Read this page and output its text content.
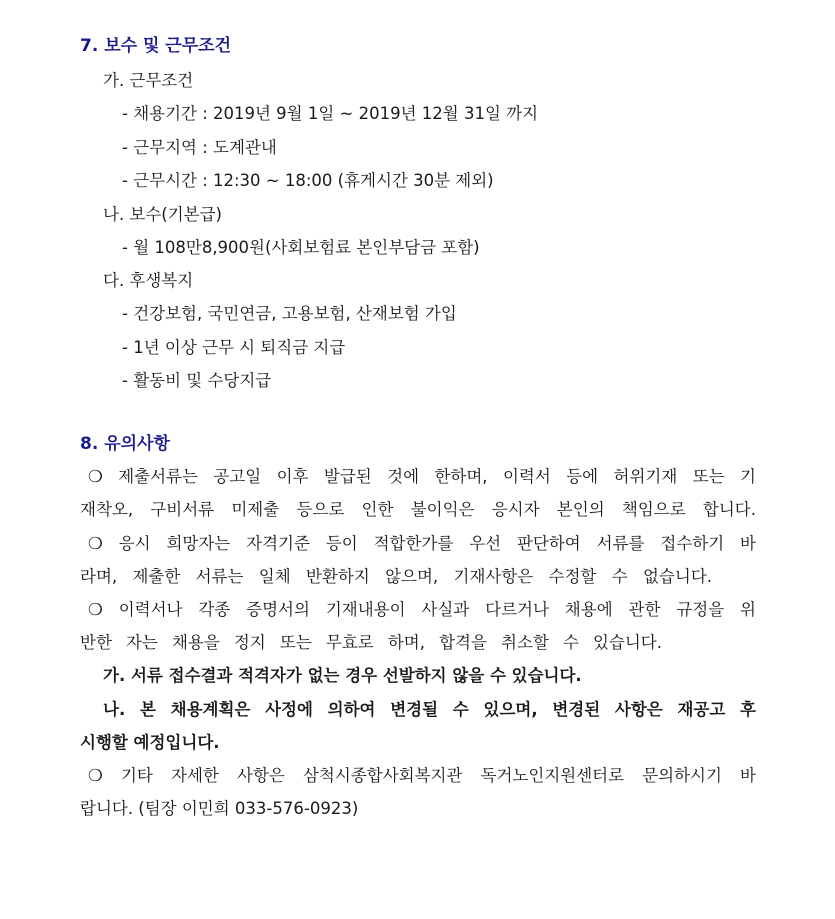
7. 보수 및 근무조건
가. 근무조건
- 채용기간 : 2019년 9월 1일 ~ 2019년 12월 31일 까지
- 근무지역 : 도계관내
- 근무시간 : 12:30 ~ 18:00 (휴게시간 30분 제외)
나. 보수(기본급)
- 월 108만8,900원(사회보험료 본인부담금 포함)
다. 후생복지
- 건강보험, 국민연금, 고용보험, 산재보험 가입
- 1년 이상 근무 시 퇴직금 지급
- 활동비 및 수당지급
8. 유의사항
❍ 제출서류는 공고일 이후 발급된 것에 한하며, 이력서 등에 허위기재 또는 기
재착오, 구비서류 미제출 등으로 인한 불이익은 응시자 본인의 책임으로 합니다.
❍ 응시 희망자는 자격기준 등이 적합한가를 우선 판단하여 서류를 접수하기 바
라며, 제출한 서류는 일체 반환하지 않으며, 기재사항은 수정할 수 없습니다.
❍ 이력서나 각종 증명서의 기재내용이 사실과 다르거나 채용에 관한 규정을 위
반한 자는 채용을 정지 또는 무효로 하며, 합격을 취소할 수 있습니다.
가. 서류 접수결과 적격자가 없는 경우 선발하지 않을 수 있습니다.
나. 본 채용계획은 사정에 의하여 변경될 수 있으며, 변경된 사항은 재공고 후
시행할 예정입니다.
❍ 기타 자세한 사항은 삼척시종합사회복지관 독거노인지원센터로 문의하시기 바
랍니다. (팀장 이민희 033-576-0923)
